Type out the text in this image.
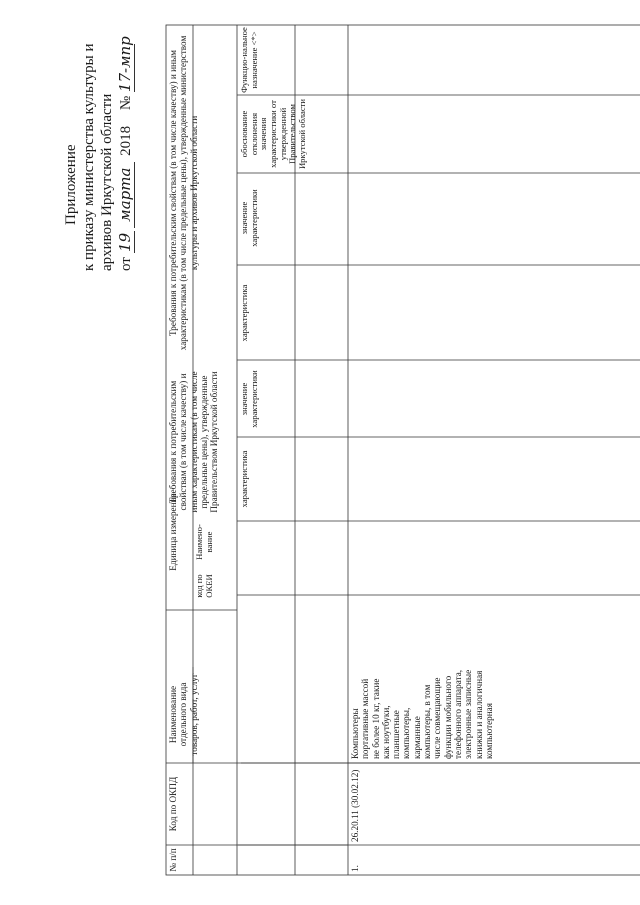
Приложение к приказу министерства культуры и архивов Иркутской области от 19 марта 2018 № 17-мпр
№ п/п
Код по ОКПД
Наименование отдельного вида товаров, работ, услуг
Единица измерения
код по ОКЕИ
Наимено-вание
Требования к потребительским свойствам (в том числе качеству) и иным характеристикам (в том числе предельные цены), утвержденные Правительством Иркутской области характеристика
значение характеристики
Требования к потребительским свойствам (в том числе качеству) и иным характеристикам (в том числе предельные цены), утвержденные министерством культуры и архивов Иркутской области
характеристика
значение характеристики
обоснование отклонения значения характеристики от утвержденной Правительством Иркутской области
Функцио-нальное назначение <*>
1.
26.20.11 (30.02.12)
Компьютеры портативные массой не более 10 кг, такие как ноутбуки, планшетные компьютеры, карманные компьютеры, в том числе совмещающие функции мобильного телефонного аппарата, электронные записные книжки и аналогичная компьютерная
